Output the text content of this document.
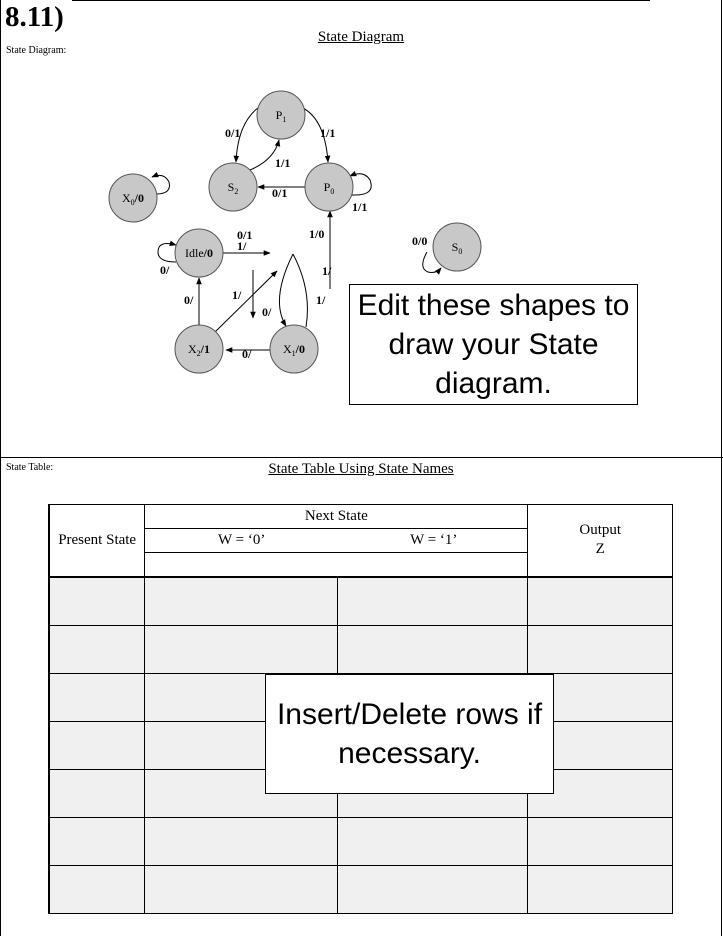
8.11)
State Diagram:
State Diagram
0/1	1/1
1/1
0/1
1/1
1/0	0/0
0/1
1/
0/
0/	1/
0/
0/
1/
1/
$P_1$
$S_2$	$P_0$
$X_0/0$
Idle/0
$X_2/1$	$X_1/0$
$S_0$
Edit these shapes to draw your State diagram.
State Table:	State Table Using State Names
Present State	Next State		Output
Z
	W = ‘0’	W = ‘1’	

Insert/Delete rows if necessary.
